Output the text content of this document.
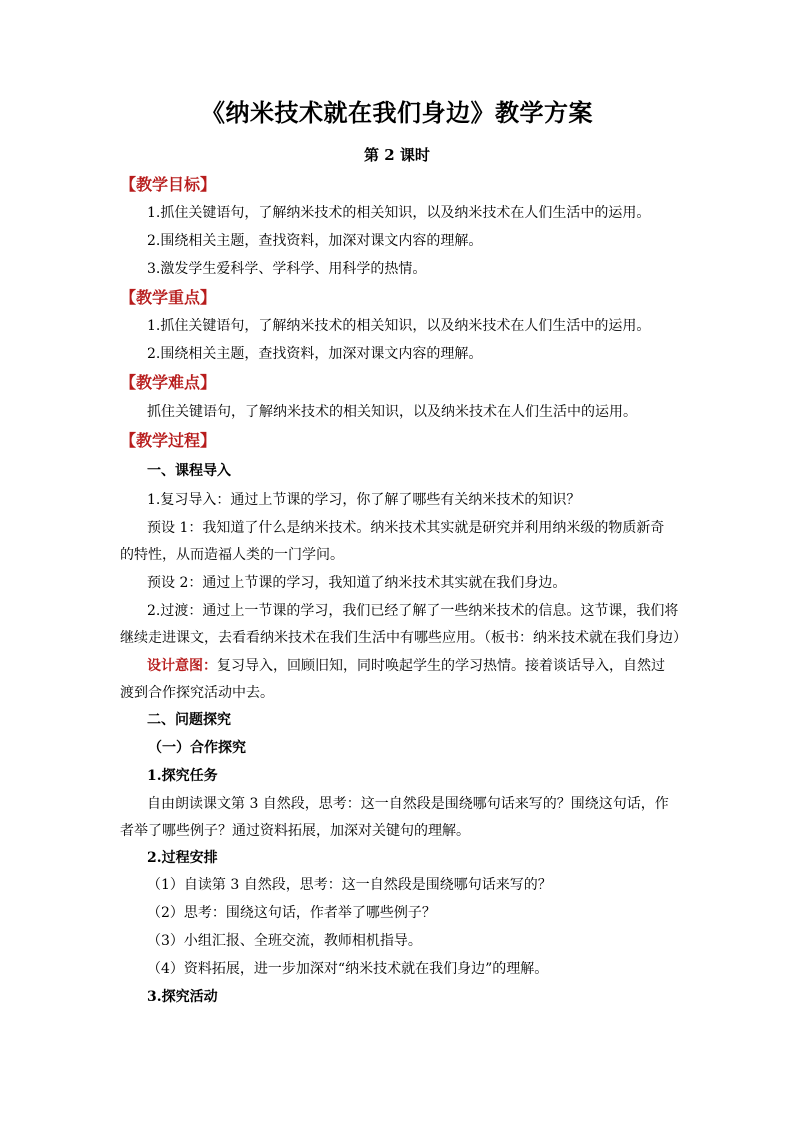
《纳米技术就在我们身边》教学方案
第 2 课时
【教学目标】
1.抓住关键语句，了解纳米技术的相关知识，以及纳米技术在人们生活中的运用。
2.围绕相关主题，查找资料，加深对课文内容的理解。
3.激发学生爱科学、学科学、用科学的热情。
【教学重点】
1.抓住关键语句，了解纳米技术的相关知识，以及纳米技术在人们生活中的运用。
2.围绕相关主题，查找资料，加深对课文内容的理解。
【教学难点】
抓住关键语句，了解纳米技术的相关知识，以及纳米技术在人们生活中的运用。
【教学过程】
一、课程导入
1.复习导入：通过上节课的学习，你了解了哪些有关纳米技术的知识？
预设 1：我知道了什么是纳米技术。纳米技术其实就是研究并利用纳米级的物质新奇
的特性，从而造福人类的一门学问。
预设 2：通过上节课的学习，我知道了纳米技术其实就在我们身边。
2.过渡：通过上一节课的学习，我们已经了解了一些纳米技术的信息。这节课，我们将
继续走进课文，去看看纳米技术在我们生活中有哪些应用。（板书：纳米技术就在我们身边）
设计意图：复习导入，回顾旧知，同时唤起学生的学习热情。接着谈话导入，自然过
渡到合作探究活动中去。
二、问题探究
（一）合作探究
1.探究任务
自由朗读课文第 3 自然段，思考：这一自然段是围绕哪句话来写的？围绕这句话，作
者举了哪些例子？通过资料拓展，加深对关键句的理解。
2.过程安排
（1）自读第 3 自然段，思考：这一自然段是围绕哪句话来写的？
（2）思考：围绕这句话，作者举了哪些例子？
（3）小组汇报、全班交流，教师相机指导。
（4）资料拓展，进一步加深对“纳米技术就在我们身边”的理解。
3.探究活动
